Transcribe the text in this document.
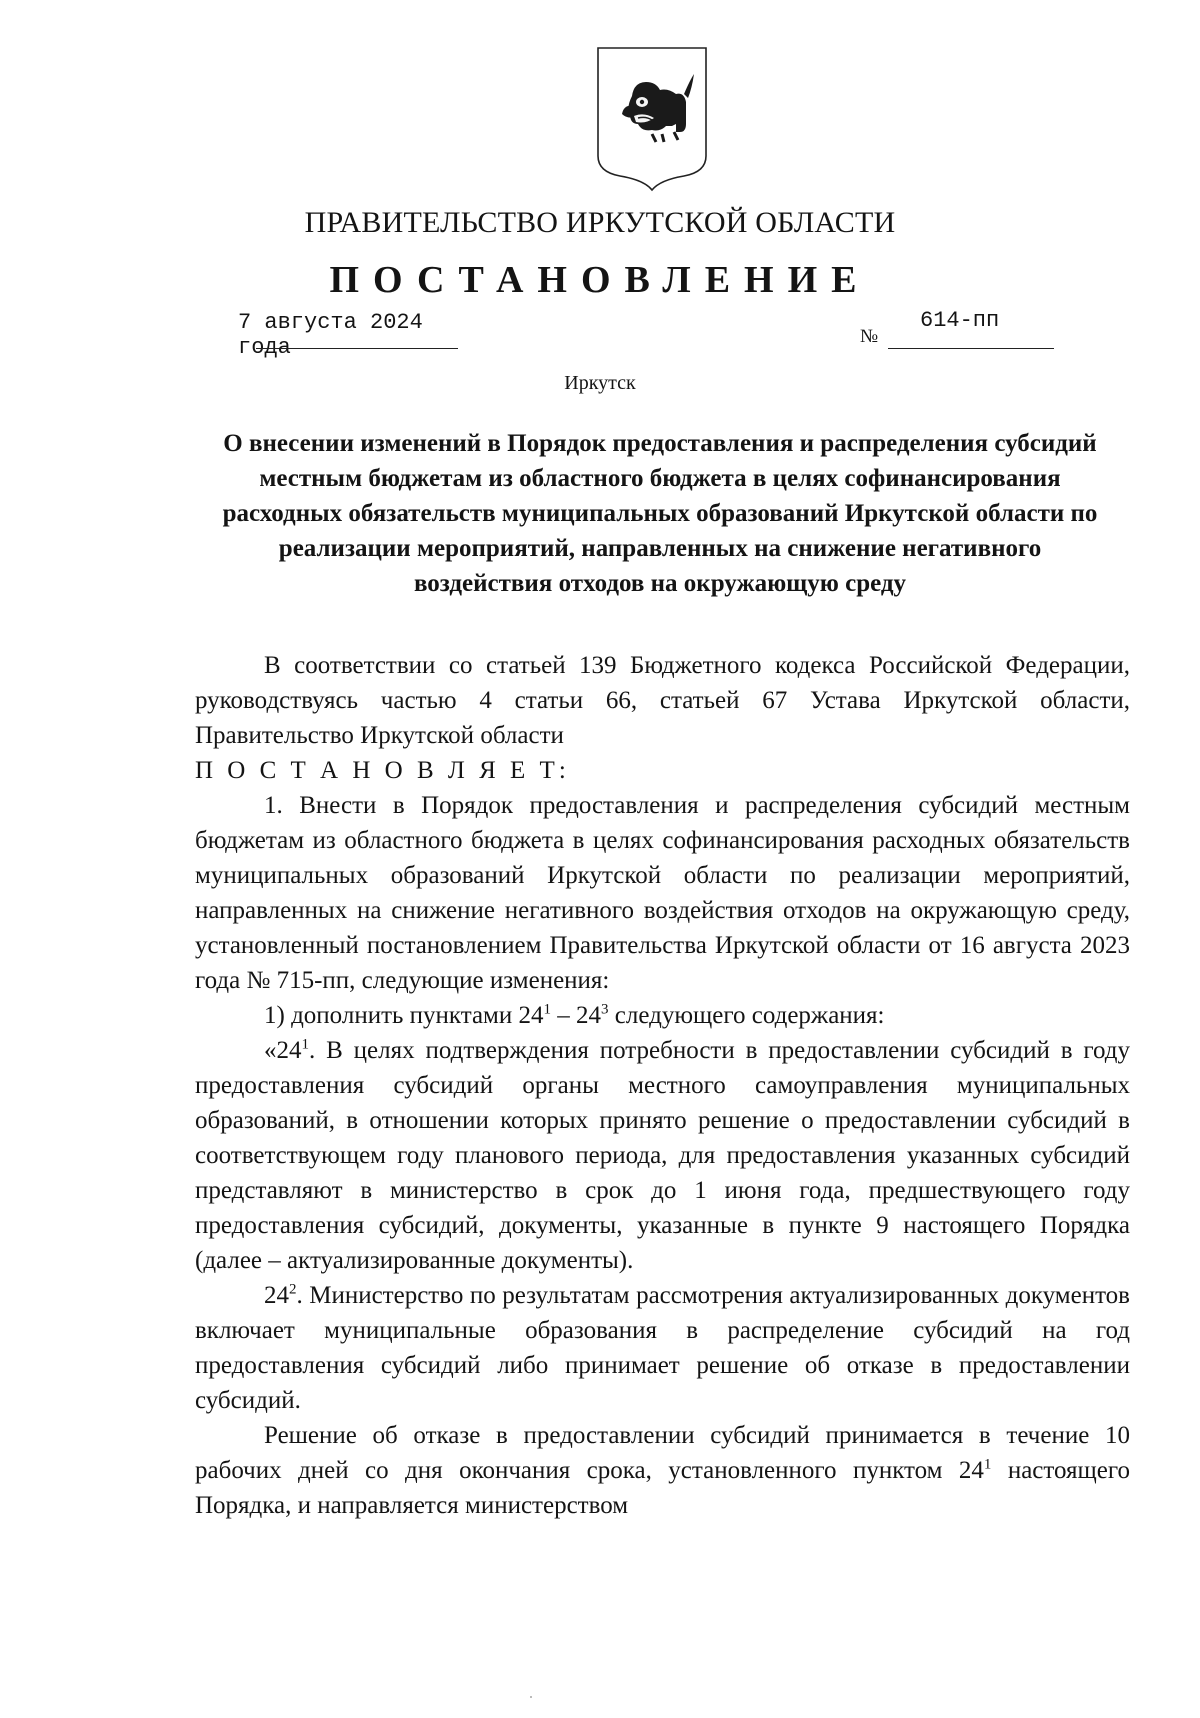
ПРАВИТЕЛЬСТВО ИРКУТСКОЙ ОБЛАСТИ
ПОСТАНОВЛЕНИЕ
7 августа 2024 года	№
614-пп
Иркутск
О внесении изменений в Порядок предоставления и распределения субсидий местным бюджетам из областного бюджета в целях софинансирования расходных обязательств муниципальных образований Иркутской области по реализации мероприятий, направленных на снижение негативного воздействия отходов на окружающую среду

В соответствии со статьей 139 Бюджетного кодекса Российской Федерации, руководствуясь частью 4 статьи 66, статьей 67 Устава Иркутской области, Правительство Иркутской области

П О С Т А Н О В Л Я Е Т:

1. Внести в Порядок предоставления и распределения субсидий местным бюджетам из областного бюджета в целях софинансирования расходных обязательств муниципальных образований Иркутской области по реализации мероприятий, направленных на снижение негативного воздействия отходов на окружающую среду, установленный постановлением Правительства Иркутской области от 16 августа 2023 года № 715-пп, следующие изменения:

1) дополнить пунктами $24^1 - 24^3$ следующего содержания:

«$24^1$. В целях подтверждения потребности в предоставлении субсидий в году предоставления субсидий органы местного самоуправления муниципальных образований, в отношении которых принято решение о предоставлении субсидий в соответствующем году планового периода, для предоставления указанных субсидий представляют в министерство в срок до 1 июня года, предшествующего году предоставления субсидий, документы, указанные в пункте 9 настоящего Порядка (далее – актуализированные документы).

$24^2$. Министерство по результатам рассмотрения актуализированных документов включает муниципальные образования в распределение субсидий на год предоставления субсидий либо принимает решение об отказе в предоставлении субсидий.

Решение об отказе в предоставлении субсидий принимается в течение 10 рабочих дней со дня окончания срока, установленного пунктом $24^1$ настоящего Порядка, и направляется министерством
